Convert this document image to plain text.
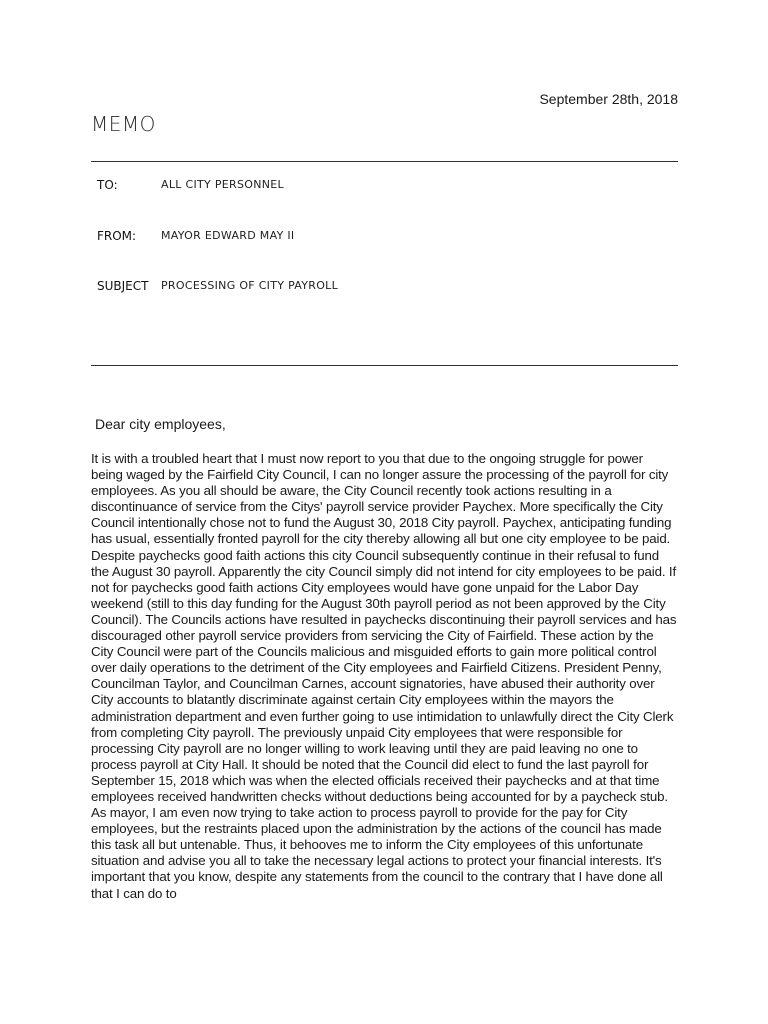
September 28th, 2018
MEMO
TO:	ALL CITY PERSONNEL
FROM: MAYOR EDWARD MAY II
SUBJECT PROCESSING OF CITY PAYROLL
Dear city employees,

It is with a troubled heart that I must now report to you that due to the ongoing struggle for power being waged by the Fairfield City Council, I can no longer assure the processing of the payroll for city employees. As you all should be aware, the City Council recently took actions resulting in a discontinuance of service from the Citys' payroll service provider Paychex. More specifically the City Council intentionally chose not to fund the August 30, 2018 City payroll. Paychex, anticipating funding has usual, essentially fronted payroll for the city thereby allowing all but one city employee to be paid. Despite paychecks good faith actions this city Council subsequently continue in their refusal to fund the August 30 payroll. Apparently the city Council simply did not intend for city employees to be paid. If not for paychecks good faith actions City employees would have gone unpaid for the Labor Day weekend (still to this day funding for the August 30th payroll period as not been approved by the City Council). The Councils actions have resulted in paychecks discontinuing their payroll services and has discouraged other payroll service providers from servicing the City of Fairfield. These action by the City Council were part of the Councils malicious and misguided efforts to gain more political control over daily operations to the detriment of the City employees and Fairfield Citizens. President Penny, Councilman Taylor, and Councilman Carnes, account signatories, have abused their authority over City accounts to blatantly discriminate against certain City employees within the mayors the administration department and even further going to use intimidation to unlawfully direct the City Clerk from completing City payroll. The previously unpaid City employees that were responsible for processing City payroll are no longer willing to work leaving until they are paid leaving no one to process payroll at City Hall. It should be noted that the Council did elect to fund the last payroll for September 15, 2018 which was when the elected officials received their paychecks and at that time employees received handwritten checks without deductions being accounted for by a paycheck stub. As mayor, I am even now trying to take action to process payroll to provide for the pay for City employees, but the restraints placed upon the administration by the actions of the council has made this task all but untenable. Thus, it behooves me to inform the City employees of this unfortunate situation and advise you all to take the necessary legal actions to protect your financial interests. It's important that you know, despite any statements from the council to the contrary that I have done all that I can do to
